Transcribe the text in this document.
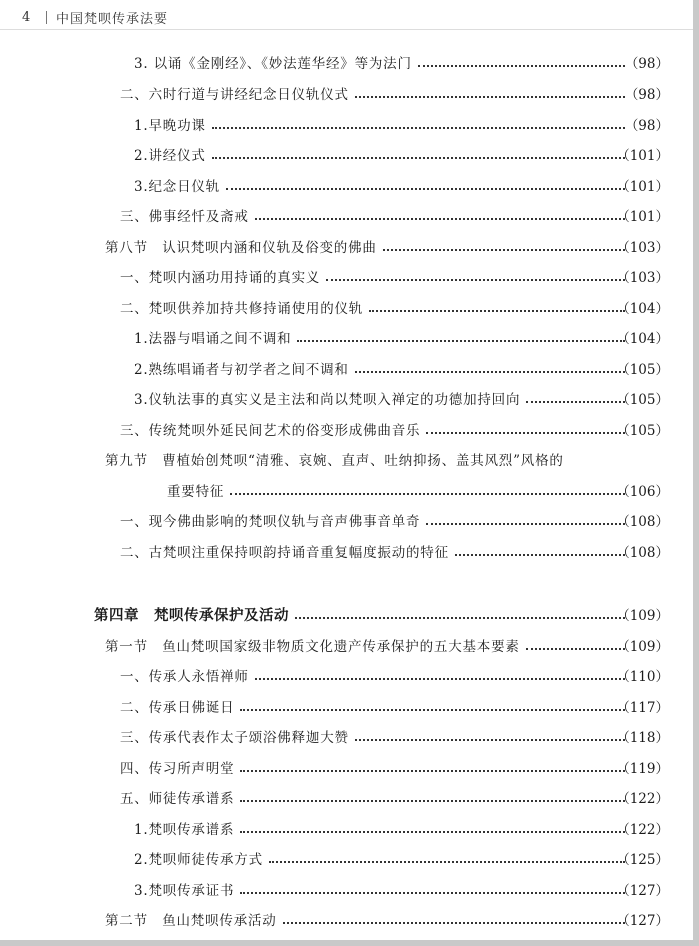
4	中国梵呗传承法要
3. 以诵《金刚经》、《妙法莲华经》等为法门	（98）
二、六时行道与讲经纪念日仪轨仪式	（98）
1.早晚功课	（98）
2.讲经仪式	（101）
3.纪念日仪轨	（101）
三、佛事经忏及斋戒	（101）
第八节　认识梵呗内涵和仪轨及俗变的佛曲	（103）
一、梵呗内涵功用持诵的真实义	（103）
二、梵呗供养加持共修持诵使用的仪轨	（104）
1.法器与唱诵之间不调和	（104）
2.熟练唱诵者与初学者之间不调和	（105）
3.仪轨法事的真实义是主法和尚以梵呗入禅定的功德加持回向	（105）
三、传统梵呗外延民间艺术的俗变形成佛曲音乐	（105）
第九节　曹植始创梵呗“清雅、哀婉、直声、吐纳抑扬、盖其风烈”风格的
重要特征	（106）
一、现今佛曲影响的梵呗仪轨与音声佛事音单奇	（108）
二、古梵呗注重保持呗韵持诵音重复幅度振动的特征	（108）
第四章　梵呗传承保护及活动	（109）
第一节　鱼山梵呗国家级非物质文化遗产传承保护的五大基本要素	（109）
一、传承人永悟禅师	（110）
二、传承日佛诞日	（117）
三、传承代表作太子颂浴佛释迦大赞	（118）
四、传习所声明堂	（119）
五、师徒传承谱系	（122）
1.梵呗传承谱系	（122）
2.梵呗师徒传承方式	（125）
3.梵呗传承证书	（127）
第二节　鱼山梵呗传承活动	（127）
